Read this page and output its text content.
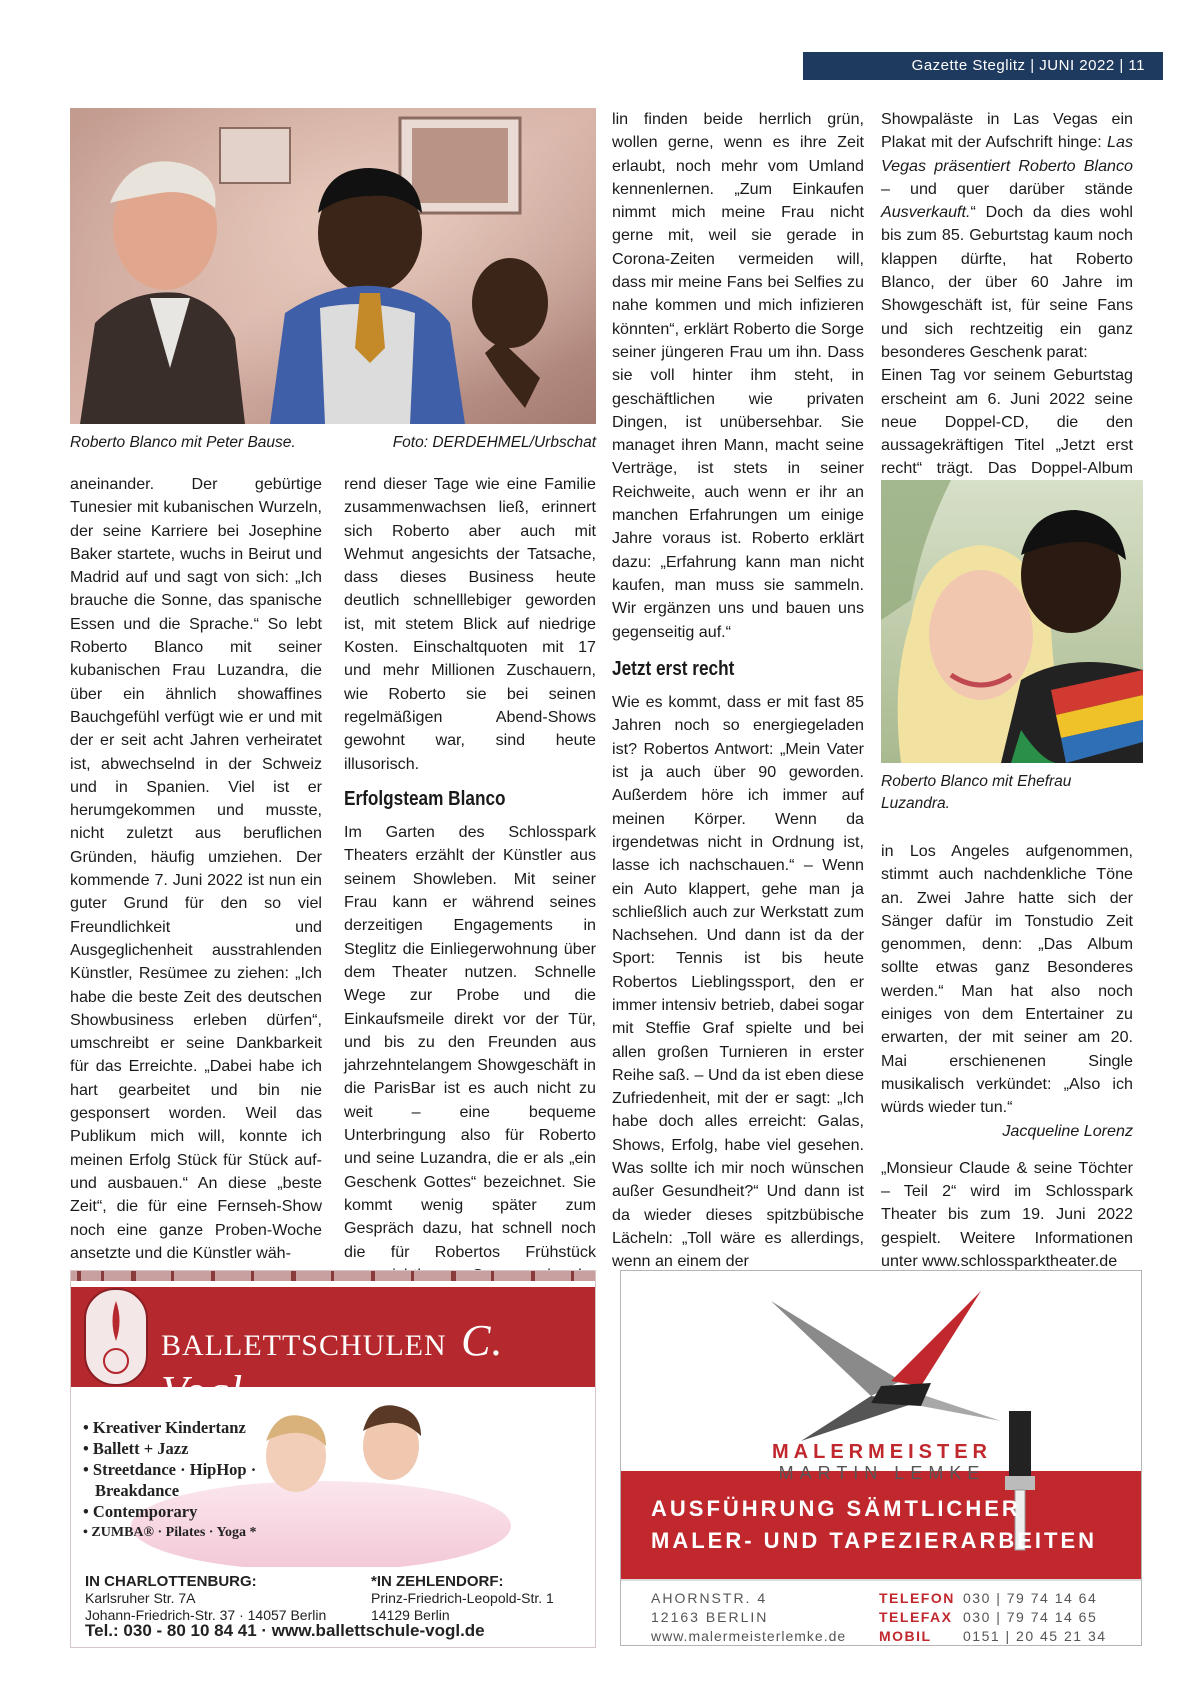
Gazette Steglitz | JUNI 2022 | 11
Roberto Blanco mit Peter Bause.	Foto: DERDEHMEL/Urbschat

aneinander. Der gebürtige Tunesier mit kubanischen Wurzeln, der seine Karriere bei Josephine Baker startete, wuchs in Beirut und Madrid auf und sagt von sich: „Ich brauche die Sonne, das spanische Essen und die Sprache.“ So lebt Roberto Blanco mit seiner kubanischen Frau Luzandra, die über ein ähnlich showaffines Bauchgefühl verfügt wie er und mit der er seit acht Jahren verheiratet ist, abwechselnd in der Schweiz und in Spanien. Viel ist er herumgekommen und musste, nicht zuletzt aus beruflichen Gründen, häufig umziehen. Der kommende 7. Juni 2022 ist nun ein guter Grund für den so viel Freundlichkeit und Ausgeglichenheit ausstrahlenden Künstler, Resümee zu ziehen: „Ich habe die beste Zeit des deutschen Showbusiness erleben dürfen“, umschreibt er seine Dankbarkeit für das Erreichte. „Dabei habe ich hart gearbeitet und bin nie gesponsert worden. Weil das Publikum mich will, konnte ich meinen Erfolg Stück für Stück auf- und ausbauen.“ An diese „beste Zeit“, die für eine Fernseh-Show noch eine ganze Proben-Woche ansetzte und die Künstler wäh-

rend dieser Tage wie eine Familie zusammenwachsen ließ, erinnert sich Roberto aber auch mit Wehmut angesichts der Tatsache, dass dieses Business heute deutlich schnelllebiger geworden ist, mit stetem Blick auf niedrige Kosten. Einschaltquoten mit 17 und mehr Millionen Zuschauern, wie Roberto sie bei seinen regelmäßigen Abend-Shows gewohnt war, sind heute illusorisch.

Erfolgsteam Blanco

Im Garten des Schlosspark Theaters erzählt der Künstler aus seinem Showleben. Mit seiner Frau kann er während seines derzeitigen Engagements in Steglitz die Einliegerwohnung über dem Theater nutzen. Schnelle Wege zur Probe und die Einkaufsmeile direkt vor der Tür, und bis zu den Freunden aus jahrzehntelangem Showgeschäft in die ParisBar ist es auch nicht zu weit – eine bequeme Unterbringung also für Roberto und seine Luzandra, die er als „ein Geschenk Gottes“ bezeichnet. Sie kommt wenig später zum Gespräch dazu, hat schnell noch die für Robertos Frühstück

lin finden beide herrlich grün, wollen gerne, wenn es ihre Zeit erlaubt, noch mehr vom Umland kennenlernen. „Zum Einkaufen nimmt mich meine Frau nicht gerne mit, weil sie gerade in Corona-Zeiten vermeiden will, dass mir meine Fans bei Selfies zu nahe kommen und mich infizieren könnten“, erklärt Roberto die Sorge seiner jüngeren Frau um ihn. Dass sie voll hinter ihm steht, in geschäftlichen wie privaten Dingen, ist unübersehbar. Sie managet ihren Mann, macht seine Verträge, ist stets in seiner Reichweite, auch wenn er ihr an manchen Erfahrungen um einige Jahre voraus ist. Roberto erklärt dazu: „Erfahrung kann man nicht kaufen, man muss sie sammeln. Wir ergänzen uns und bauen uns gegenseitig auf.“

Jetzt erst recht

Wie es kommt, dass er mit fast 85 Jahren noch so energiegeladen ist? Robertos Antwort: „Mein Vater ist ja auch über 90 geworden. Außerdem höre ich immer auf meinen Körper. Wenn da irgendetwas nicht in Ordnung ist, lasse ich nachschauen.“ – Wenn ein Auto klappert, gehe man ja schließlich auch zur Werkstatt zum Nachsehen. Und dann ist da der Sport: Tennis ist bis heute Robertos Lieblingssport, den er immer intensiv betrieb, dabei sogar mit Steffie Graf spielte und bei allen großen Turnieren in erster Reihe saß. – Und da ist eben diese Zufriedenheit, mit der er sagt: „Ich habe doch alles erreicht: Galas, Shows, Erfolg, habe viel gesehen. Was sollte ich mir noch wünschen außer Gesundheit?“ Und dann ist da wieder dieses spitzbübische Lächeln: „Toll wäre es allerdings, wenn an einem der

Showpaläste in Las Vegas ein Plakat mit der Aufschrift hinge: Las Vegas präsentiert Roberto Blanco – und quer darüber stände Ausverkauft.“ Doch da dies wohl bis zum 85. Geburtstag kaum noch klappen dürfte, hat Roberto Blanco, der über 60 Jahre im Showgeschäft ist, für seine Fans und sich rechtzeitig ein ganz besonderes Geschenk parat:

Einen Tag vor seinem Geburtstag erscheint am 6. Juni 2022 seine neue Doppel-CD, die den aussagekräftigen Titel „Jetzt erst recht“ trägt. Das Doppel-Album

Roberto Blanco mit Ehefrau Luzandra.

in Los Angeles aufgenommen, stimmt auch nachdenkliche Töne an. Zwei Jahre hatte sich der Sänger dafür im Tonstudio Zeit genommen, denn: „Das Album sollte etwas ganz Besonderes werden.“ Man hat also noch einiges von dem Entertainer zu erwarten, der mit seiner am 20. Mai erschienenen Single musikalisch verkündet: „Also ich würds wieder tun.“

Jacqueline Lorenz

„Monsieur Claude & seine Töchter – Teil 2“ wird im Schlosspark Theater bis zum 19. Juni 2022 gespielt. Weitere Informationen unter www.schlossparktheater.de

BALLETTSCHULEN C. Vogl
• Kreativer Kindertanz
• Ballett + Jazz
• Streetdance · HipHop ·
Breakdance
• Contemporary
• ZUMBA® · Pilates · Yoga *
IN CHARLOTTENBURG:
Karlsruher Str. 7A
Johann-Friedrich-Str. 37 · 14057 Berlin
*IN ZEHLENDORF:
Prinz-Friedrich-Leopold-Str. 1
14129 Berlin
Tel.: 030 - 80 10 84 41 · www.ballettschule-vogl.de
MALERMEISTER
MARTIN LEMKE
AUSFÜHRUNG SÄMTLICHER
MALER- UND TAPEZIERARBEITEN
AHORNSTR. 4
12163 BERLIN
www.malermeisterlemke.de
TELEFON 030 | 79 74 14 64
TELEFAX 030 | 79 74 14 65
MOBIL 0151 | 20 45 21 34
